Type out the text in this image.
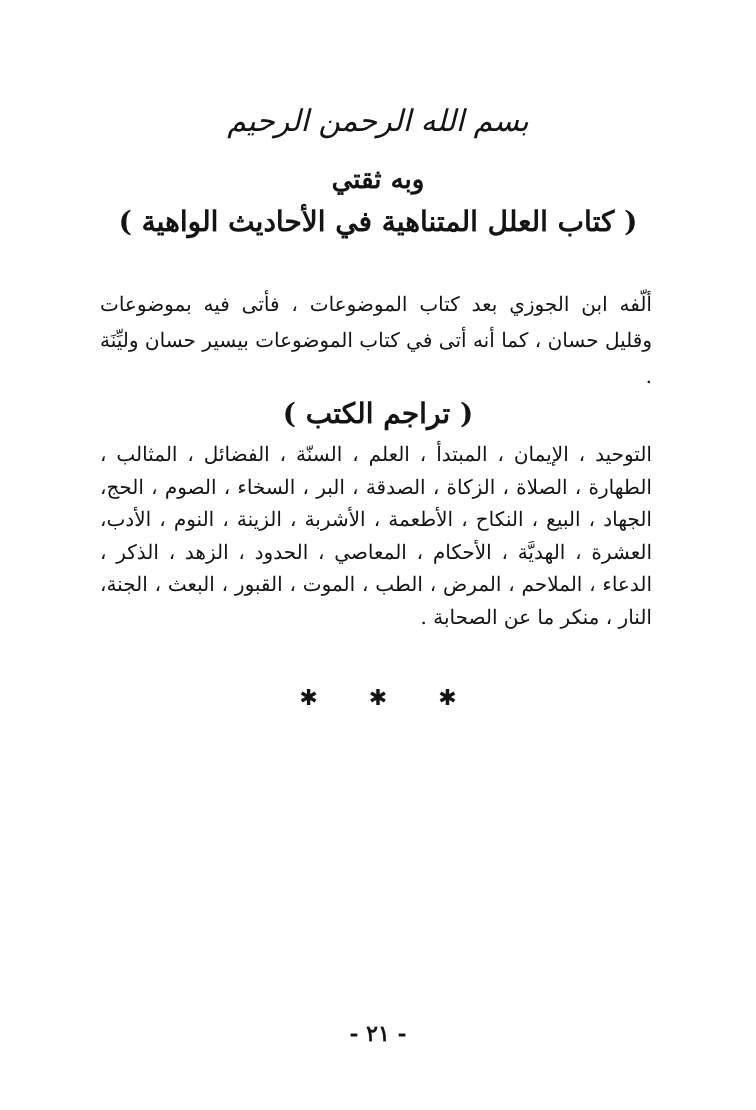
بسم الله الرحمن الرحيم
وبه ثقتي
( كتاب العلل المتناهية في الأحاديث الواهية )
ألّفه ابن الجوزي بعد كتاب الموضوعات ، فأتى فيه بموضوعات وقليل حسان ، كما أنه أتى في كتاب الموضوعات بيسير حسان وليِّنَة .
( تراجم الكتب )
التوحيد ، الإيمان ، المبتدأ ، العلم ، السنّة ، الفضائل ، المثالب ،
الطهارة ، الصلاة ، الزكاة ، الصدقة ، البر ، السخاء ، الصوم ، الحج،
الجهاد ، البيع ، النكاح ، الأطعمة ، الأشربة ، الزينة ، النوم ، الأدب،
العشرة ، الهديَّة ، الأحكام ، المعاصي ، الحدود ، الزهد ، الذكر ،
الدعاء ، الملاحم ، المرض ، الطب ، الموت ، القبور ، البعث ، الجنة،
النار ، منكر ما عن الصحابة .
✱ ✱ ✱
- ٢١ -
